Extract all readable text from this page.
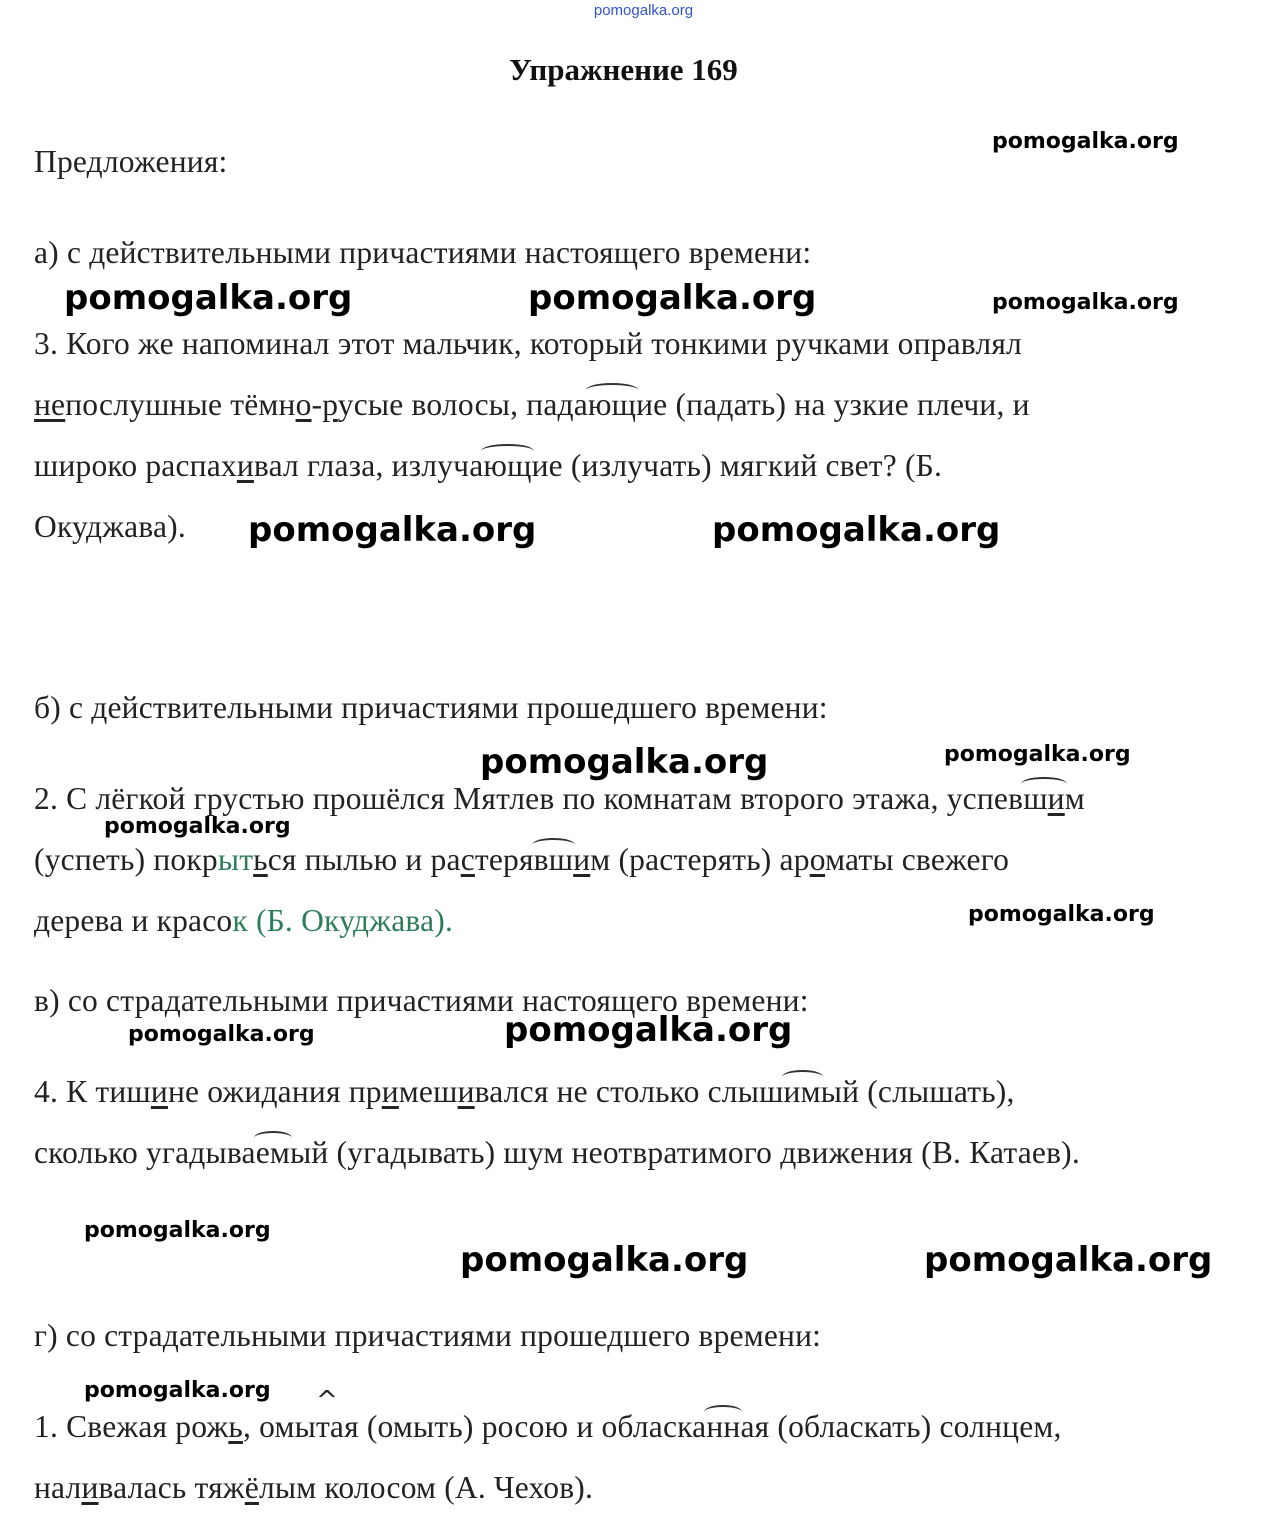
pomogalka.org
Упражнение 169
Предложения:
а) с действительными причастиями настоящего времени:
3. Кого же напоминал этот мальчик, который тонкими ручками оправлял
непослушные тёмно-русые волосы, падающие (падать) на узкие плечи, и
широко распахивал глаза, излучающие (излучать) мягкий свет? (Б.
Окуджава).
б) с действительными причастиями прошедшего времени:
2. С лёгкой грустью прошёлся Мятлев по комнатам второго этажа, успевшим
(успеть) покрыться пылью и растерявшим (растерять) ароматы свежего
дерева и красок (Б. Окуджава).
в) со страдательными причастиями настоящего времени:
4. К тишине ожидания примешивался не столько слышимый (слышать),
сколько угадываемый (угадывать) шум неотвратимого движения (В. Катаев).
г) со страдательными причастиями прошедшего времени:
1. Свежая рожь, омы^ тая (омыть) росою и обласканная (обласкать) солнцем,
наливалась тяжёлым колосом (А. Чехов).
pomogalka.org
pomogalka.org	pomogalka.org	pomogalka.org
pomogalka.org	pomogalka.org
pomogalka.org	pomogalka.org
pomogalka.org
pomogalka.org
pomogalka.org
pomogalka.org
pomogalka.org
pomogalka.org	pomogalka.org
pomogalka.org
